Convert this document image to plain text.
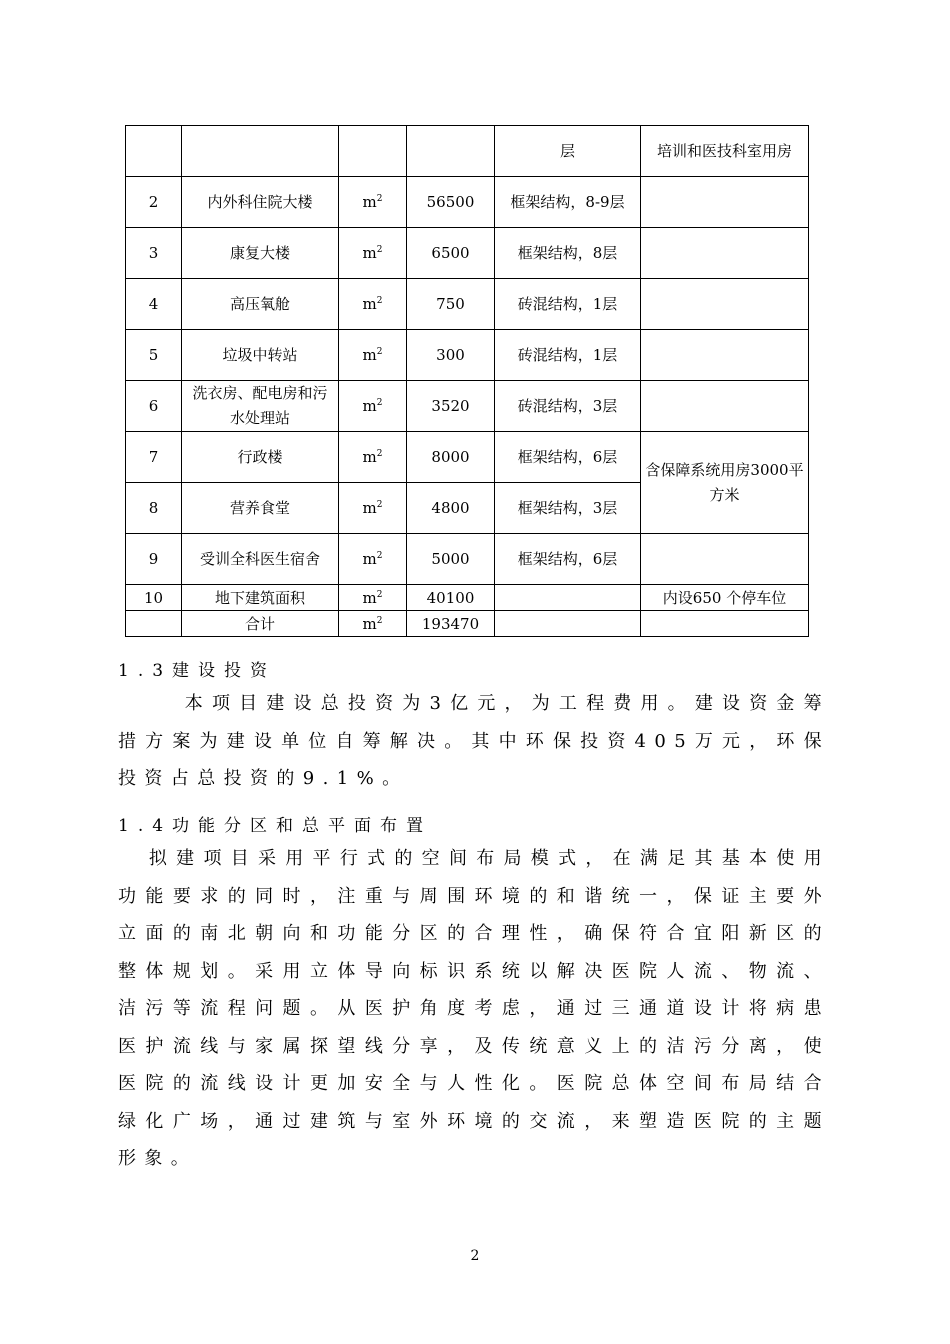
				层	培训和医技科室用房
2	内外科住院大楼	$m^2$	56500	框架结构，8-9层	
3	康复大楼	$m^2$	6500	框架结构，8层	
4	高压氧舱	$m^2$	750	砖混结构，1层	
5	垃圾中转站	$m^2$	300	砖混结构，1层	
6	洗衣房、配电房和污水处理站	$m^2$	3520	砖混结构，3层	
7	行政楼	$m^2$	8000	框架结构，6层	含保障系统用房3000平方米
8	营养食堂	$m^2$	4800	框架结构，3层	
9	受训全科医生宿舍	$m^2$	5000	框架结构，6层	
10	地下建筑面积	$m^2$	40100		内设650 个停车位
	合计	$m^2$	193470		
1.3建设投资
本项目建设总投资为3亿元，为工程费用。建设资金筹措方案为建设单位自筹解决。其中环保投资405万元，环保投资占总投资的9.1%。
1.4功能分区和总平面布置
拟建项目采用平行式的空间布局模式，在满足其基本使用功能要求的同时，注重与周围环境的和谐统一，保证主要外立面的南北朝向和功能分区的合理性，确保符合宜阳新区的整体规划。采用立体导向标识系统以解决医院人流、物流、洁污等流程问题。从医护角度考虑，通过三通道设计将病患医护流线与家属探望线分享，及传统意义上的洁污分离，使医院的流线设计更加安全与人性化。医院总体空间布局结合绿化广场，通过建筑与室外环境的交流，来塑造医院的主题形象。
2
